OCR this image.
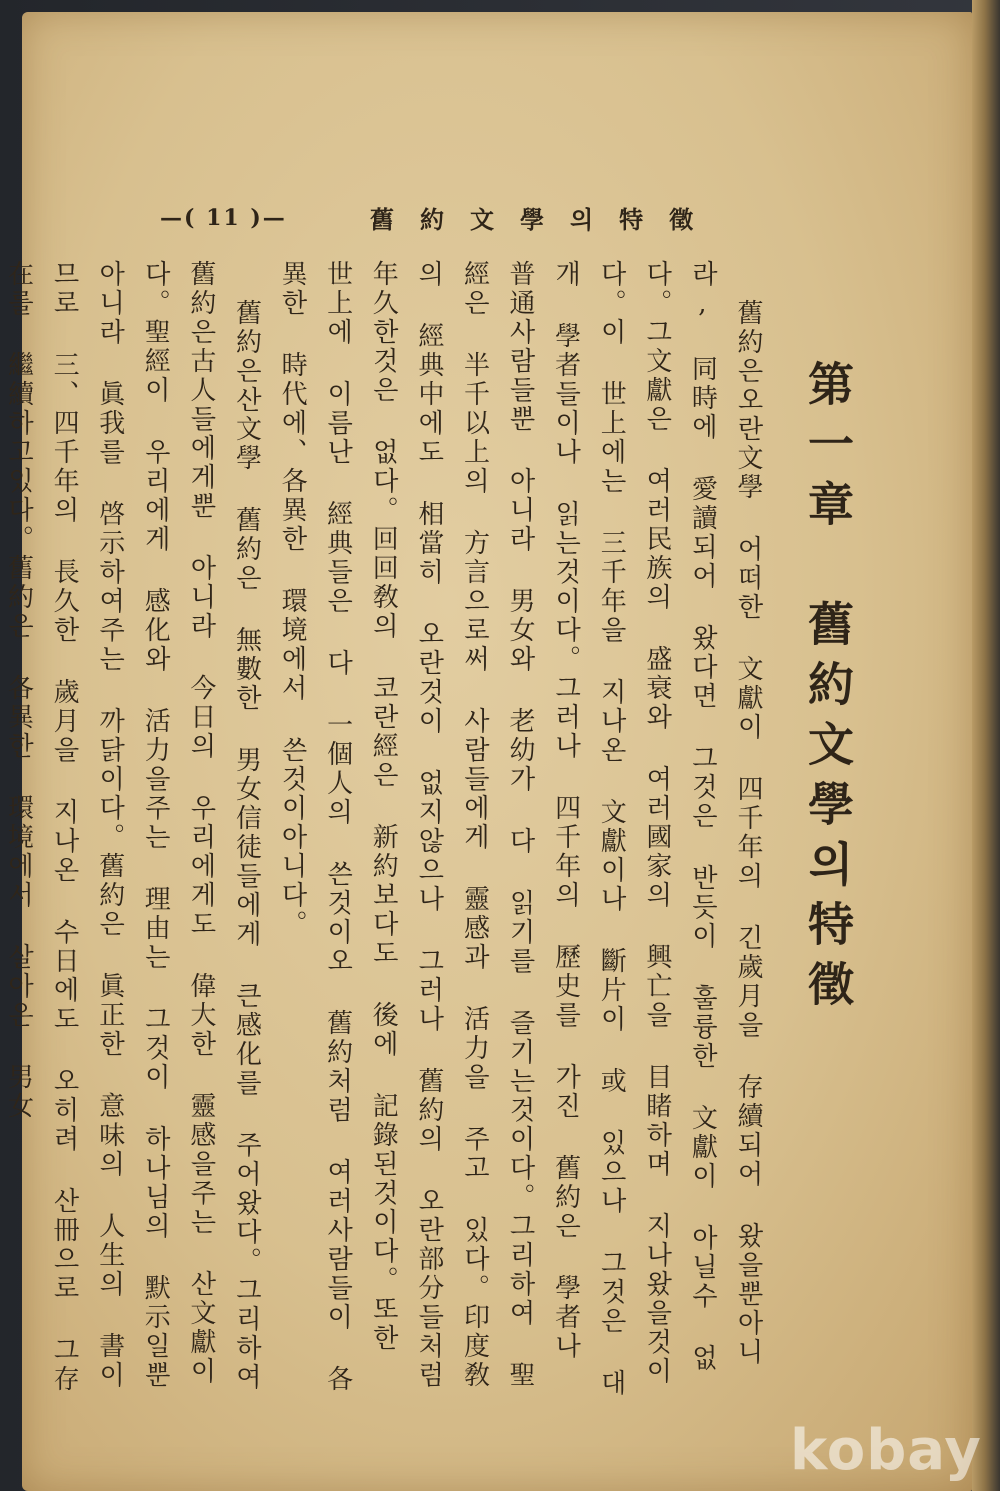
舊約文學의特徵
—( 11 )—
第一章　舊約文學의特徵

舊約은오란文學 어떠한 文獻이 四千年의 긴歲月을 存續되어 왔을뿐아니라, 同時에 愛讀되어 왔다면 그것은 반듯이 훌륭한 文獻이 아닐수 없다。그文獻은 여러民族의 盛衰와 여러國家의 興亡을 目睹하며 지나왔을것이다。이 世上에는 三千年을 지나온 文獻이나 斷片이 或 있으나 그것은 대개 學者들이나 읽는것이다。그러나 四千年의 歷史를 가진 舊約은 學者나 普通사람들뿐 아니라 男女와 老幼가 다 읽기를 즐기는것이다。그리하여 聖經은 半千以上의 方言으로써 사람들에게 靈感과 活力을 주고 있다。印度敎의 經典中에도 相當히 오란것이 없지않으나 그러나 舊約의 오란部分들처럼 年久한것은 없다。回回敎의 코란經은 新約보다도 後에 記錄된것이다。또한 世上에 이름난 經典들은 다 一個人의 쓴것이오 舊約처럼 여러사람들이 各異한 時代에、各異한 環境에서 쓴것이아니다。

舊約은산文學 舊約은 無數한 男女信徒들에게 큰感化를 주어왔다。그리하여 舊約은古人들에게뿐 아니라 今日의 우리에게도 偉大한 靈感을주는 산文獻이다。聖經이 우리에게 感化와 活力을주는 理由는 그것이 하나님의 默示일뿐 아니라 眞我를 啓示하여주는 까닭이다。舊約은 眞正한 意味의 人生의 書이므로 三、四千年의 長久한 歲月을 지나온 수日에도 오히려 산冊으로 그存在를 繼續하고있다。舊約은 各異한 環境에서 살아온 男女

kobay
